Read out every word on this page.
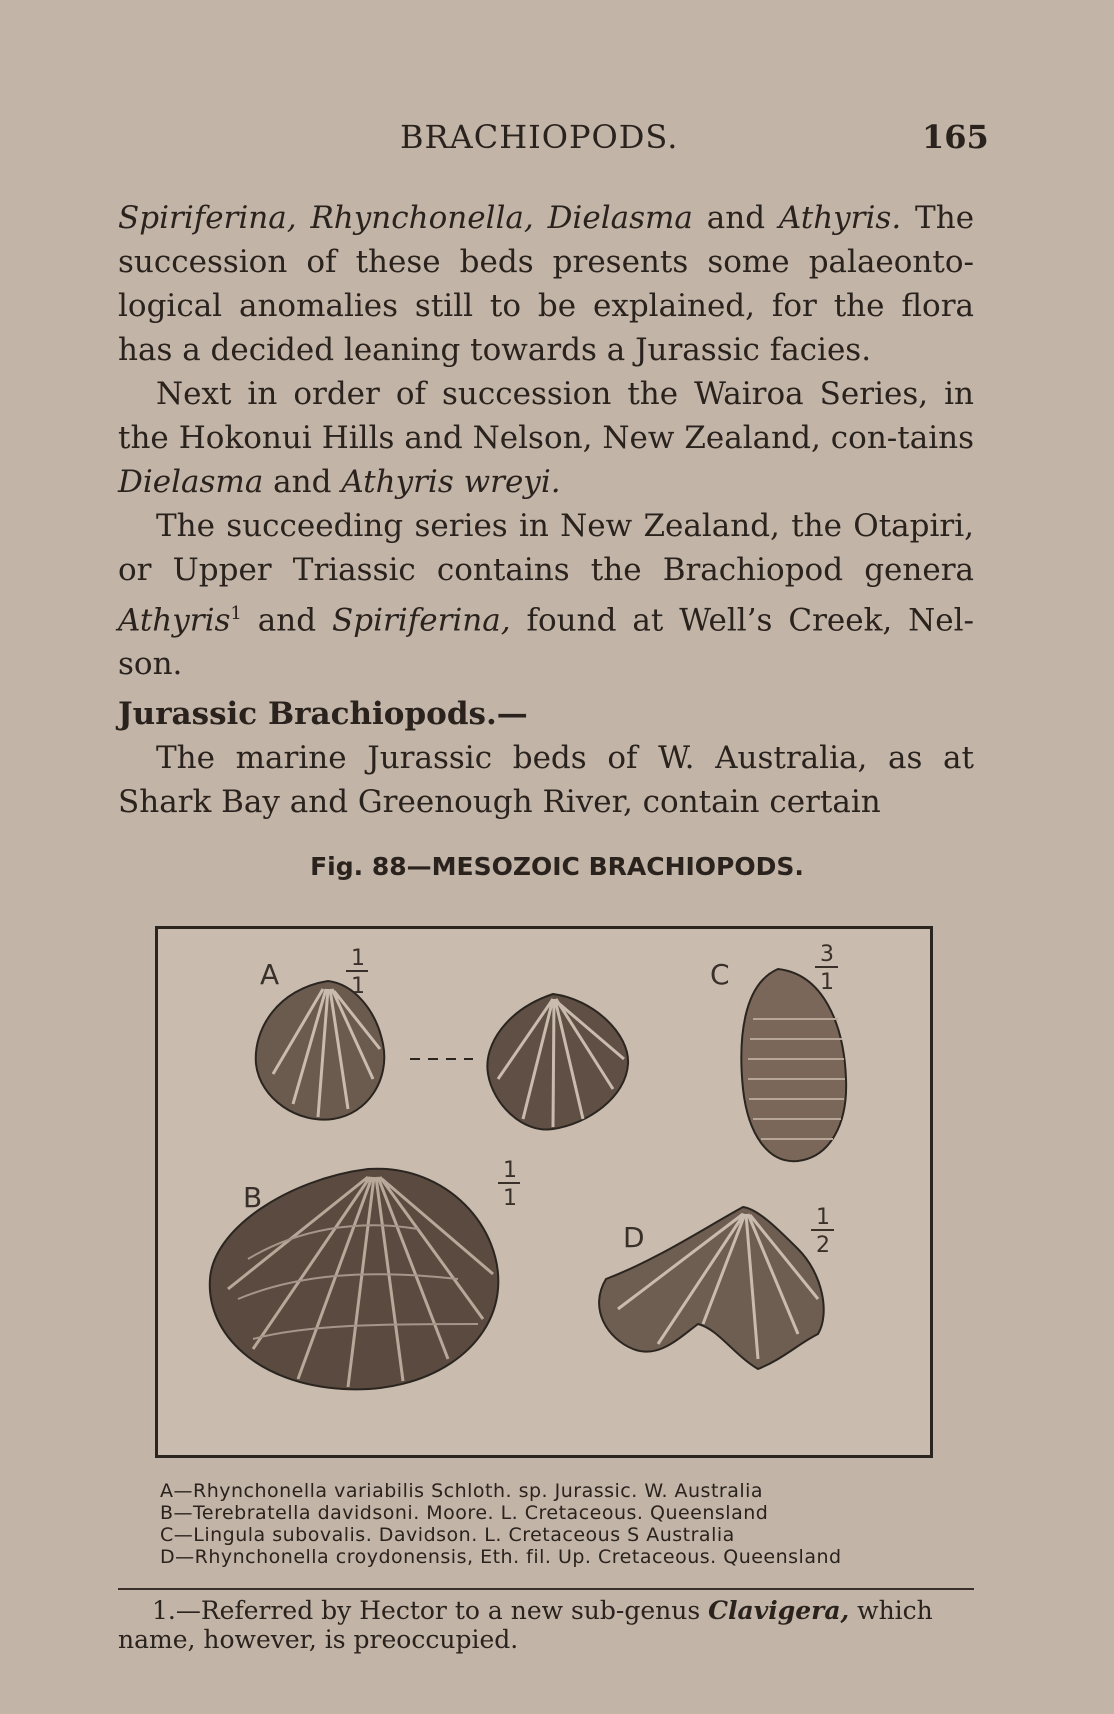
BRACHIOPODS.	165

Spiriferina, Rhynchonella, Dielasma and Athyris. The succession of these beds presents some palaeonto-logical anomalies still to be explained, for the flora has a decided leaning towards a Jurassic facies.

Next in order of succession the Wairoa Series, in the Hokonui Hills and Nelson, New Zealand, con-tains Dielasma and Athyris wreyi.

The succeeding series in New Zealand, the Otapiri, or Upper Triassic contains the Brachiopod genera Athyris$^1$ and Spiriferina, found at Well’s Creek, Nel-son.

Jurassic Brachiopods.—

The marine Jurassic beds of W. Australia, as at Shark Bay and Greenough River, contain certain

Fig. 88—MESOZOIC BRACHIOPODS.
A	C
B
D
1
1
3
1
1
1
1
2
A—Rhynchonella variabilis Schloth. sp. Jurassic. W. Australia
B—Terebratella davidsoni. Moore. L. Cretaceous. Queensland
C—Lingula subovalis. Davidson. L. Cretaceous S Australia
D—Rhynchonella croydonensis, Eth. fil. Up. Cretaceous. Queensland
1.—Referred by Hector to a new sub-genus Clavigera, which name, however, is preoccupied.
